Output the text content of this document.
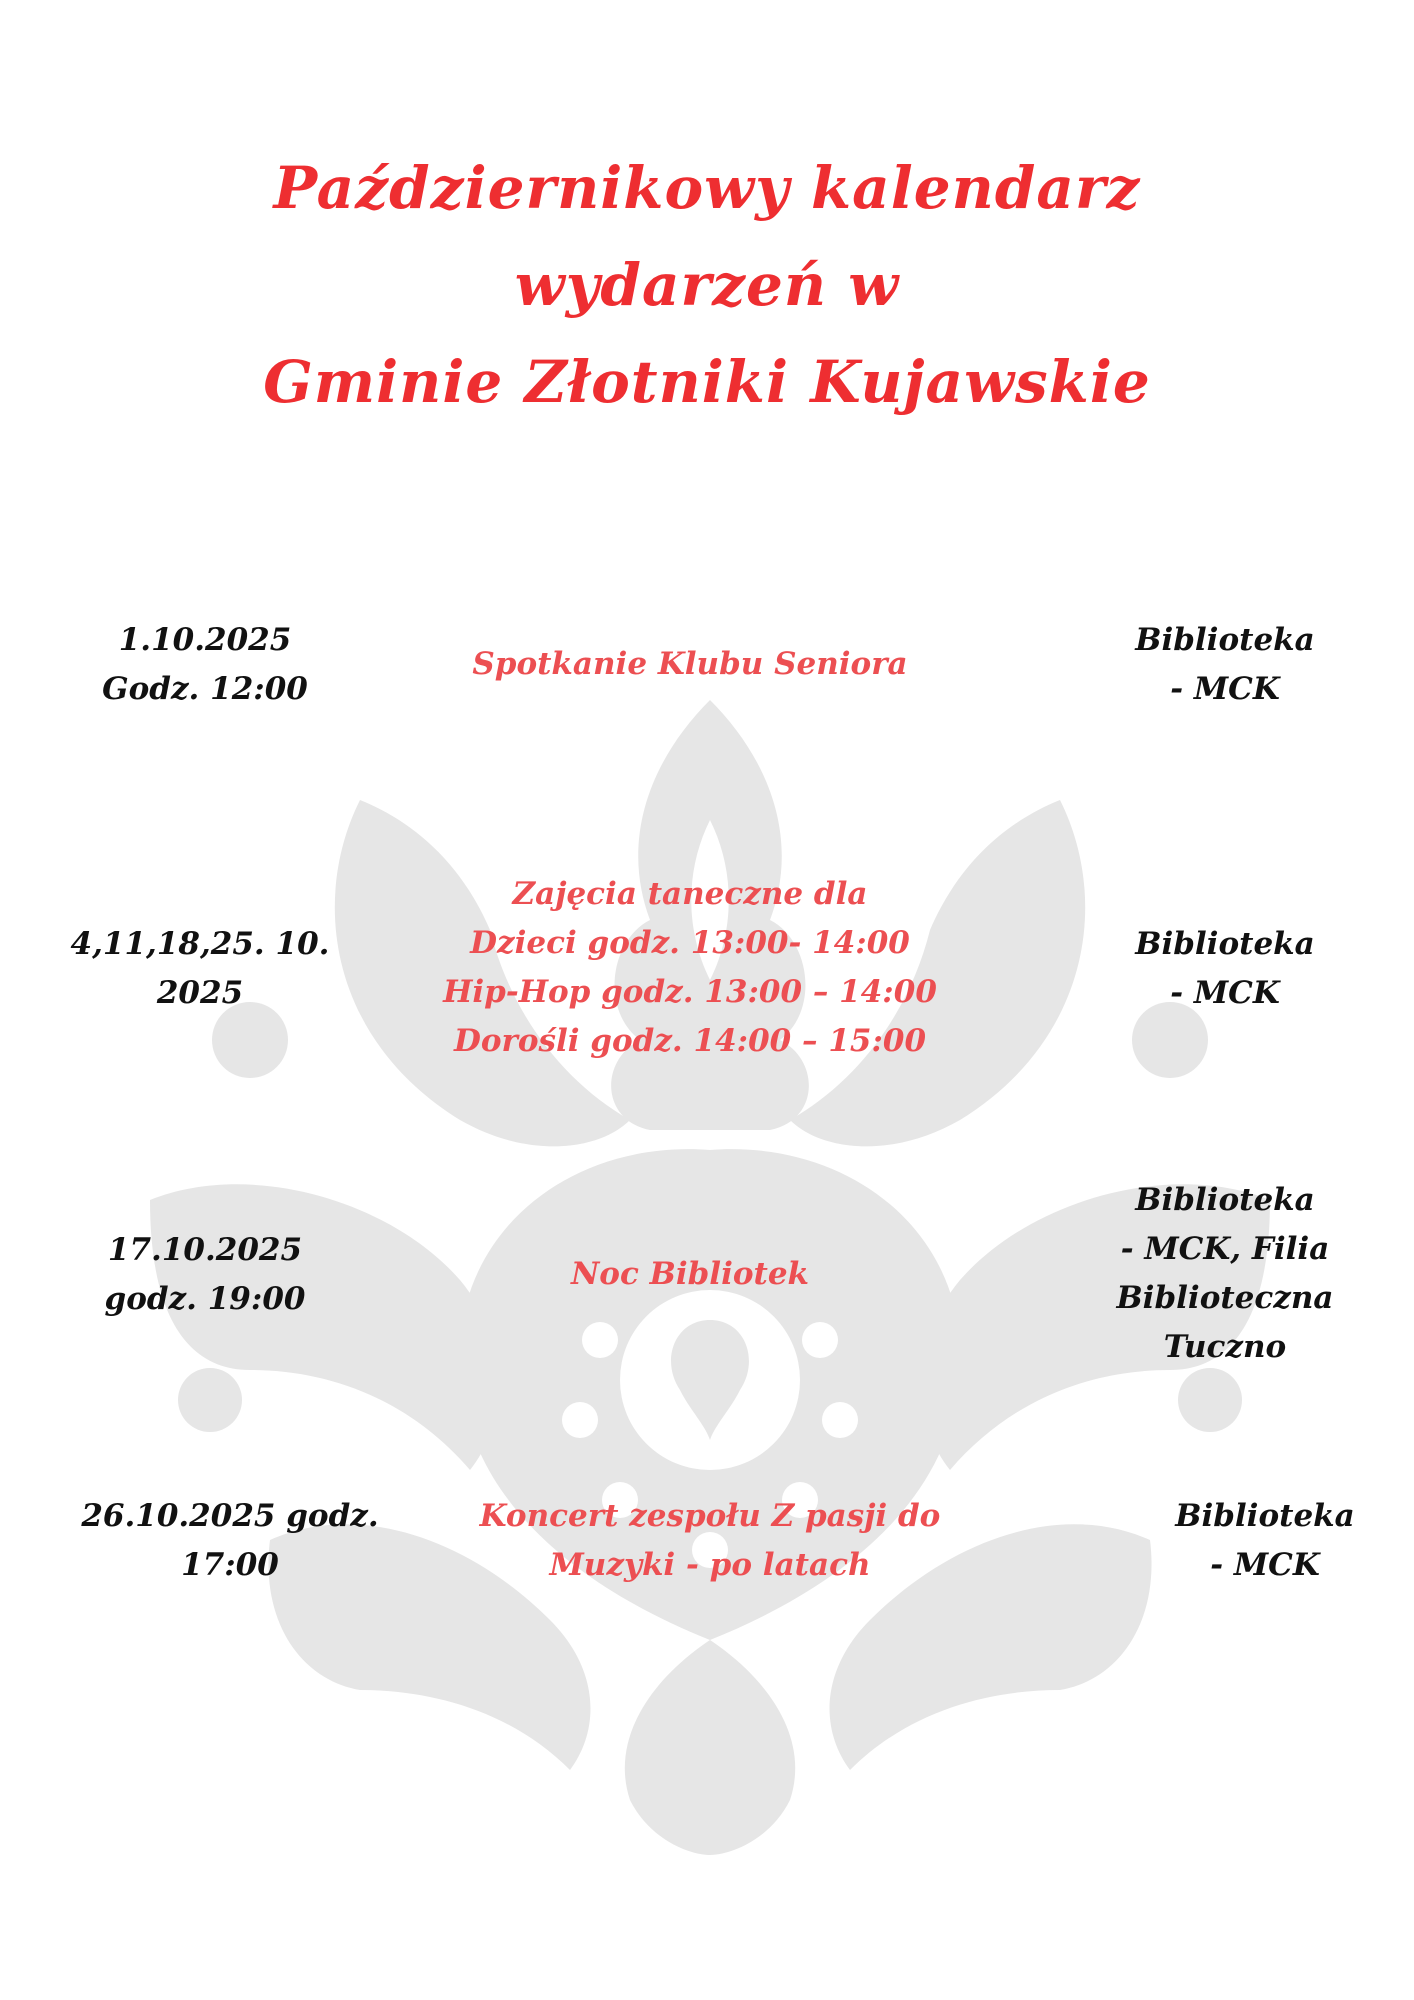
Październikowy kalendarz
wydarzeń w
Gminie Złotniki Kujawskie
1.10.2025
Godz. 12:00
Spotkanie Klubu Seniora
Biblioteka
- MCK
4,11,18,25. 10.
2025
Zajęcia taneczne dla
Dzieci godz. 13:00- 14:00
Hip-Hop godz. 13:00 – 14:00
Dorośli godz. 14:00 – 15:00
Biblioteka
- MCK
17.10.2025
godz. 19:00
Noc Bibliotek
Biblioteka
- MCK, Filia
Biblioteczna
Tuczno
26.10.2025 godz.
17:00
Koncert zespołu Z pasji do
Muzyki - po latach
Biblioteka
- MCK
